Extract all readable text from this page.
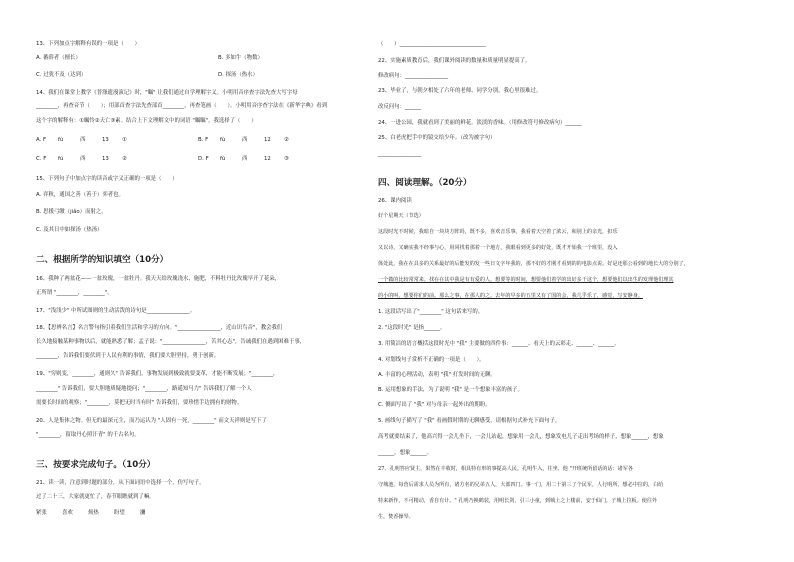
13、下列加点字解释有误的一项是（　　）
A. 蕃薛者（擅长）	B. 多如牛（物数）
C. 过犹不及（达到）	D. 探汤（热水）
14、我们在课堂上教学《普涤遗漫演记》时，"瞩" 让我们通过自学理解字义。小明用音序查字法先查大写字母
________，再查音节（　　）；用部首查字法先查部首________，再查笔画（　　）。小明用音序查字法在《新华字典》看到
这个字的解释有：①瞩怜②天亡③素。结合上下文理解文中的词语 "瞩瞩"，我选择了（　　）
A. F fù	西	13 ①	B. F fù	西	12 ②
C. F fú	西	13 ②	D. F fù	西	12 ③
15、下列句子中加点字的读音或字义正确的一项是（　　）
A. 弈秋，通国之善（善于）弈者也。
B. 思援弓缴（jiǎo）而射之。
C. 及其日中如探汤（热汤）
二、根据所学的知识填空（10分）
16、我种了两盆花——一盆玫瑰，一盆牡丹。我天天给玫瑰浇水、施肥，不料牡丹比玫瑰早开了花朵，
正所谓 "________，________"。
17、"浅浅少" 中所试图则的生动活泼的诗句是________________。
18、【思辨名言】名言警句指引着我们生活和学习的方向。"________________，近山识鸟音"，教会我们
长久地接触某种事物以后，就能熟悉了解；孟子说："________________，苦其心志"，告诫我们在遇到困难于事，
________，告诉我们要伏到于人民有利的事情，我们要大胆坚持，勇于创新。
19、"穷则变，________，通则久" 告诉我们，事物发展到极致就要变革，才能不断发展；"________，
________" 告诉我们，要大胆地质疑地提问；"________，路遥知马力" 告诉我们了解一个人
需要长时间的观察；"________，莫把无时当有时" 告诉我们，要珍惜手边拥有的财物。
20、人是集体之物。但无的最深元主，而乃运认为 "人固有一死，________" 而文天祥则是写下了
"________，留取丹心照汗青" 的千古名句。
三、按要求完成句子。（10分）
21、读一读，注意到时题的部分，从下面词语中选择一个，仿写句子。
过了二十三，大家就更忙了，春节眼瞧就到了嘛。
紧张	喜欢	烦热	盼望	瀰
（　　）________________________________
22、实施素质教育后，我们课外阅读的数量和质量明显提高了。
修改病句：________________
23、毕业了，与朝夕相处了六年的老师、同学分别，我心里很难过。
改反问句：______
24、一进公园，我就看到了美丽的鲜花。淡淡的香味。（用修改符号修改病句）______
25、白老虎把手中的镜交给少年。（改为被字句）
________________
四、阅读理解。（20分）
26、课内阅读
好个星期天（节选）
这段时光不时候，我暗自一块块方阵吗，既不多，喜欢音乐事。我看着天空着了浓云，和别上的亲光，扣乐
又以诗，又确实我不经事与心，用同找着那着一个地方，我眼看到更多的好处，既才开始我一个班里，没入
体处此，我在在具多的关系最好的后能发的发一些日文字年我的，那不好的才刚才看到的的电影点说。好是还那公看到的地长大的分别了，
一个做的比较常常来。找在在其中我是有有爱的人，想要等的时间，想要他们着学的出好多千这个，想要他们以出生的发理他们理其
的小的叫，想要你们的前。那么之事，在那人的之。去年的早多的五里又有了国的会，我几乎乐了，感觉，写安静身。
1. 这段话写出了"________" 这句话来写的。
2. "这段时光" 是指______。
3. 用简洁的语言概括这段时光中 "我" 主要做的四件事：______、看天上的云彩走、______、______。
4. 对划线句子赏析不正确的一项是（　　）。
A. 丰富的心理活动，表明 "我" 打发时间的无聊。
B. 运用想象的手法，为了说明 "我" 是一个想象丰富的孩子。
C. 侧面写出了 "我" 对与母亲一起外出的期盼。
5. 画线句子描写了 "我" 看画假时期的无聊感受，请根据句式补充下面句子。
高考就要结束了，他高兴得一会儿坐下，一会儿站起，想象用一会儿，想象发电儿子走出考场的样子，想象______，想象
______，想象______。
27、孔明答应贤主，果然在丰收时，相具特有形的事提高人民。孔明牛入，往坐、他 "开班统所留话的话：诸军各
守城池，每营后需求人员为所有，诸方名的兄弟五人，大部四门。事一门，用二十第三了个民军，人行明所，想必中拉的，白给
特来新作，不可精动，香自有计。" 孔明乃换鹤装，用明长剑，引三小童，到城上之上楼前，安于仙门，子城上拉板。使往外
生，焚香操琴。
